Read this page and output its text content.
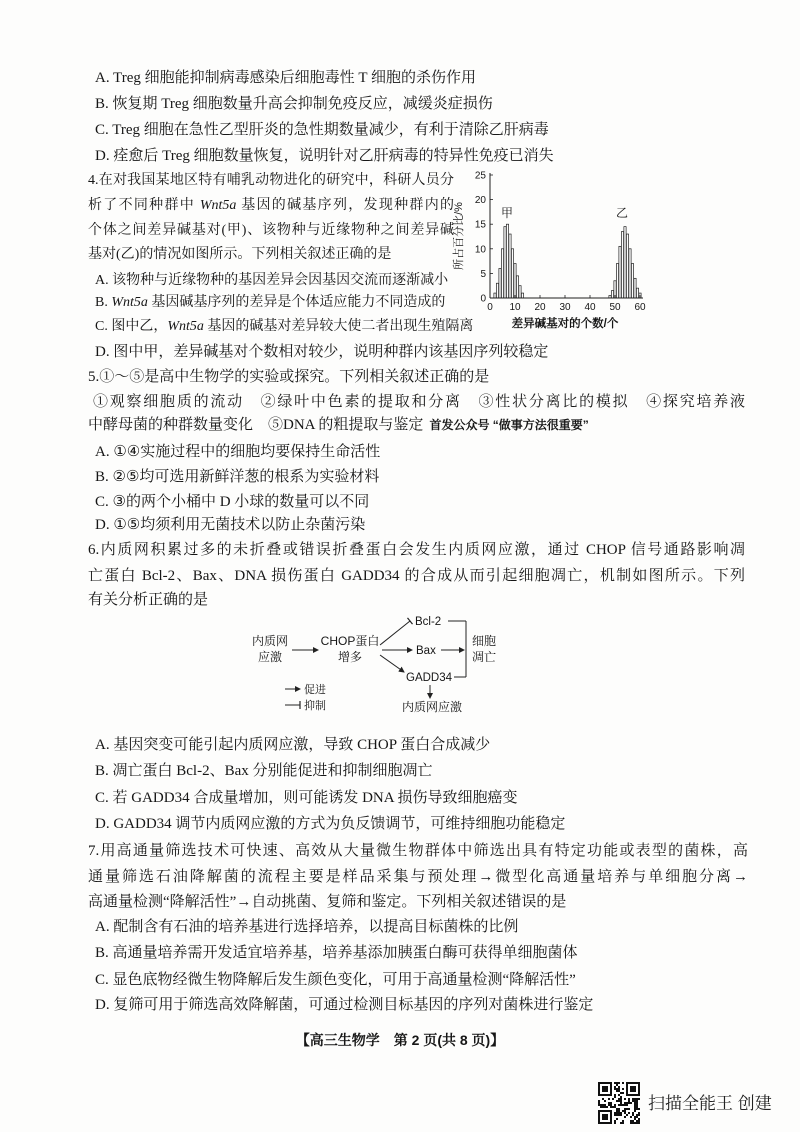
A. Treg 细胞能抑制病毒感染后细胞毒性 T 细胞的杀伤作用
B. 恢复期 Treg 细胞数量升高会抑制免疫反应，减缓炎症损伤
C. Treg 细胞在急性乙型肝炎的急性期数量减少，有利于清除乙肝病毒
D. 痊愈后 Treg 细胞数量恢复，说明针对乙肝病毒的特异性免疫已消失
4.在对我国某地区特有哺乳动物进化的研究中，科研人员分
析了不同种群中 Wnt5a 基因的碱基序列，发现种群内的
个体之间差异碱基对(甲)、该物种与近缘物种之间差异碱
基对(乙)的情况如图所示。下列相关叙述正确的是
A. 该物种与近缘物种的基因差异会因基因交流而逐渐减小
B. Wnt5a 基因碱基序列的差异是个体适应能力不同造成的
C. 图中乙，Wnt5a 基因的碱基对差异较大使二者出现生殖隔离
D. 图中甲，差异碱基对个数相对较少，说明种群内该基因序列较稳定
所占百分比/%
差异碱基对的个数/个
甲	乙
0
5
10
15
20
25
0 10 20 30 40 50 60
5.①～⑤是高中生物学的实验或探究。下列相关叙述正确的是
①观察细胞质的流动　②绿叶中色素的提取和分离　③性状分离比的模拟　④探究培养液
中酵母菌的种群数量变化　⑤DNA 的粗提取与鉴定 首发公众号 “做事方法很重要”
A. ①④实施过程中的细胞均要保持生命活性
B. ②⑤均可选用新鲜洋葱的根系为实验材料
C. ③的两个小桶中 D 小球的数量可以不同
D. ①⑤均须利用无菌技术以防止杂菌污染
6.内质网积累过多的未折叠或错误折叠蛋白会发生内质网应激，通过 CHOP 信号通路影响凋
亡蛋白 Bcl-2、Bax、DNA 损伤蛋白 GADD34 的合成从而引起细胞凋亡，机制如图所示。下列
有关分析正确的是
内质网
应激
CHOP蛋白
增多
Bcl-2
Bax
GADD34
细胞
凋亡
内质网应激
促进
抑制
A. 基因突变可能引起内质网应激，导致 CHOP 蛋白合成减少
B. 凋亡蛋白 Bcl-2、Bax 分别能促进和抑制细胞凋亡
C. 若 GADD34 合成量增加，则可能诱发 DNA 损伤导致细胞癌变
D. GADD34 调节内质网应激的方式为负反馈调节，可维持细胞功能稳定
7.用高通量筛选技术可快速、高效从大量微生物群体中筛选出具有特定功能或表型的菌株，高
通量筛选石油降解菌的流程主要是样品采集与预处理→微型化高通量培养与单细胞分离→
高通量检测“降解活性”→自动挑菌、复筛和鉴定。下列相关叙述错误的是
A. 配制含有石油的培养基进行选择培养，以提高目标菌株的比例
B. 高通量培养需开发适宜培养基，培养基添加胰蛋白酶可获得单细胞菌体
C. 显色底物经微生物降解后发生颜色变化，可用于高通量检测“降解活性”
D. 复筛可用于筛选高效降解菌，可通过检测目标基因的序列对菌株进行鉴定
【高三生物学　第 2 页(共 8 页)】
扫描全能王 创建
